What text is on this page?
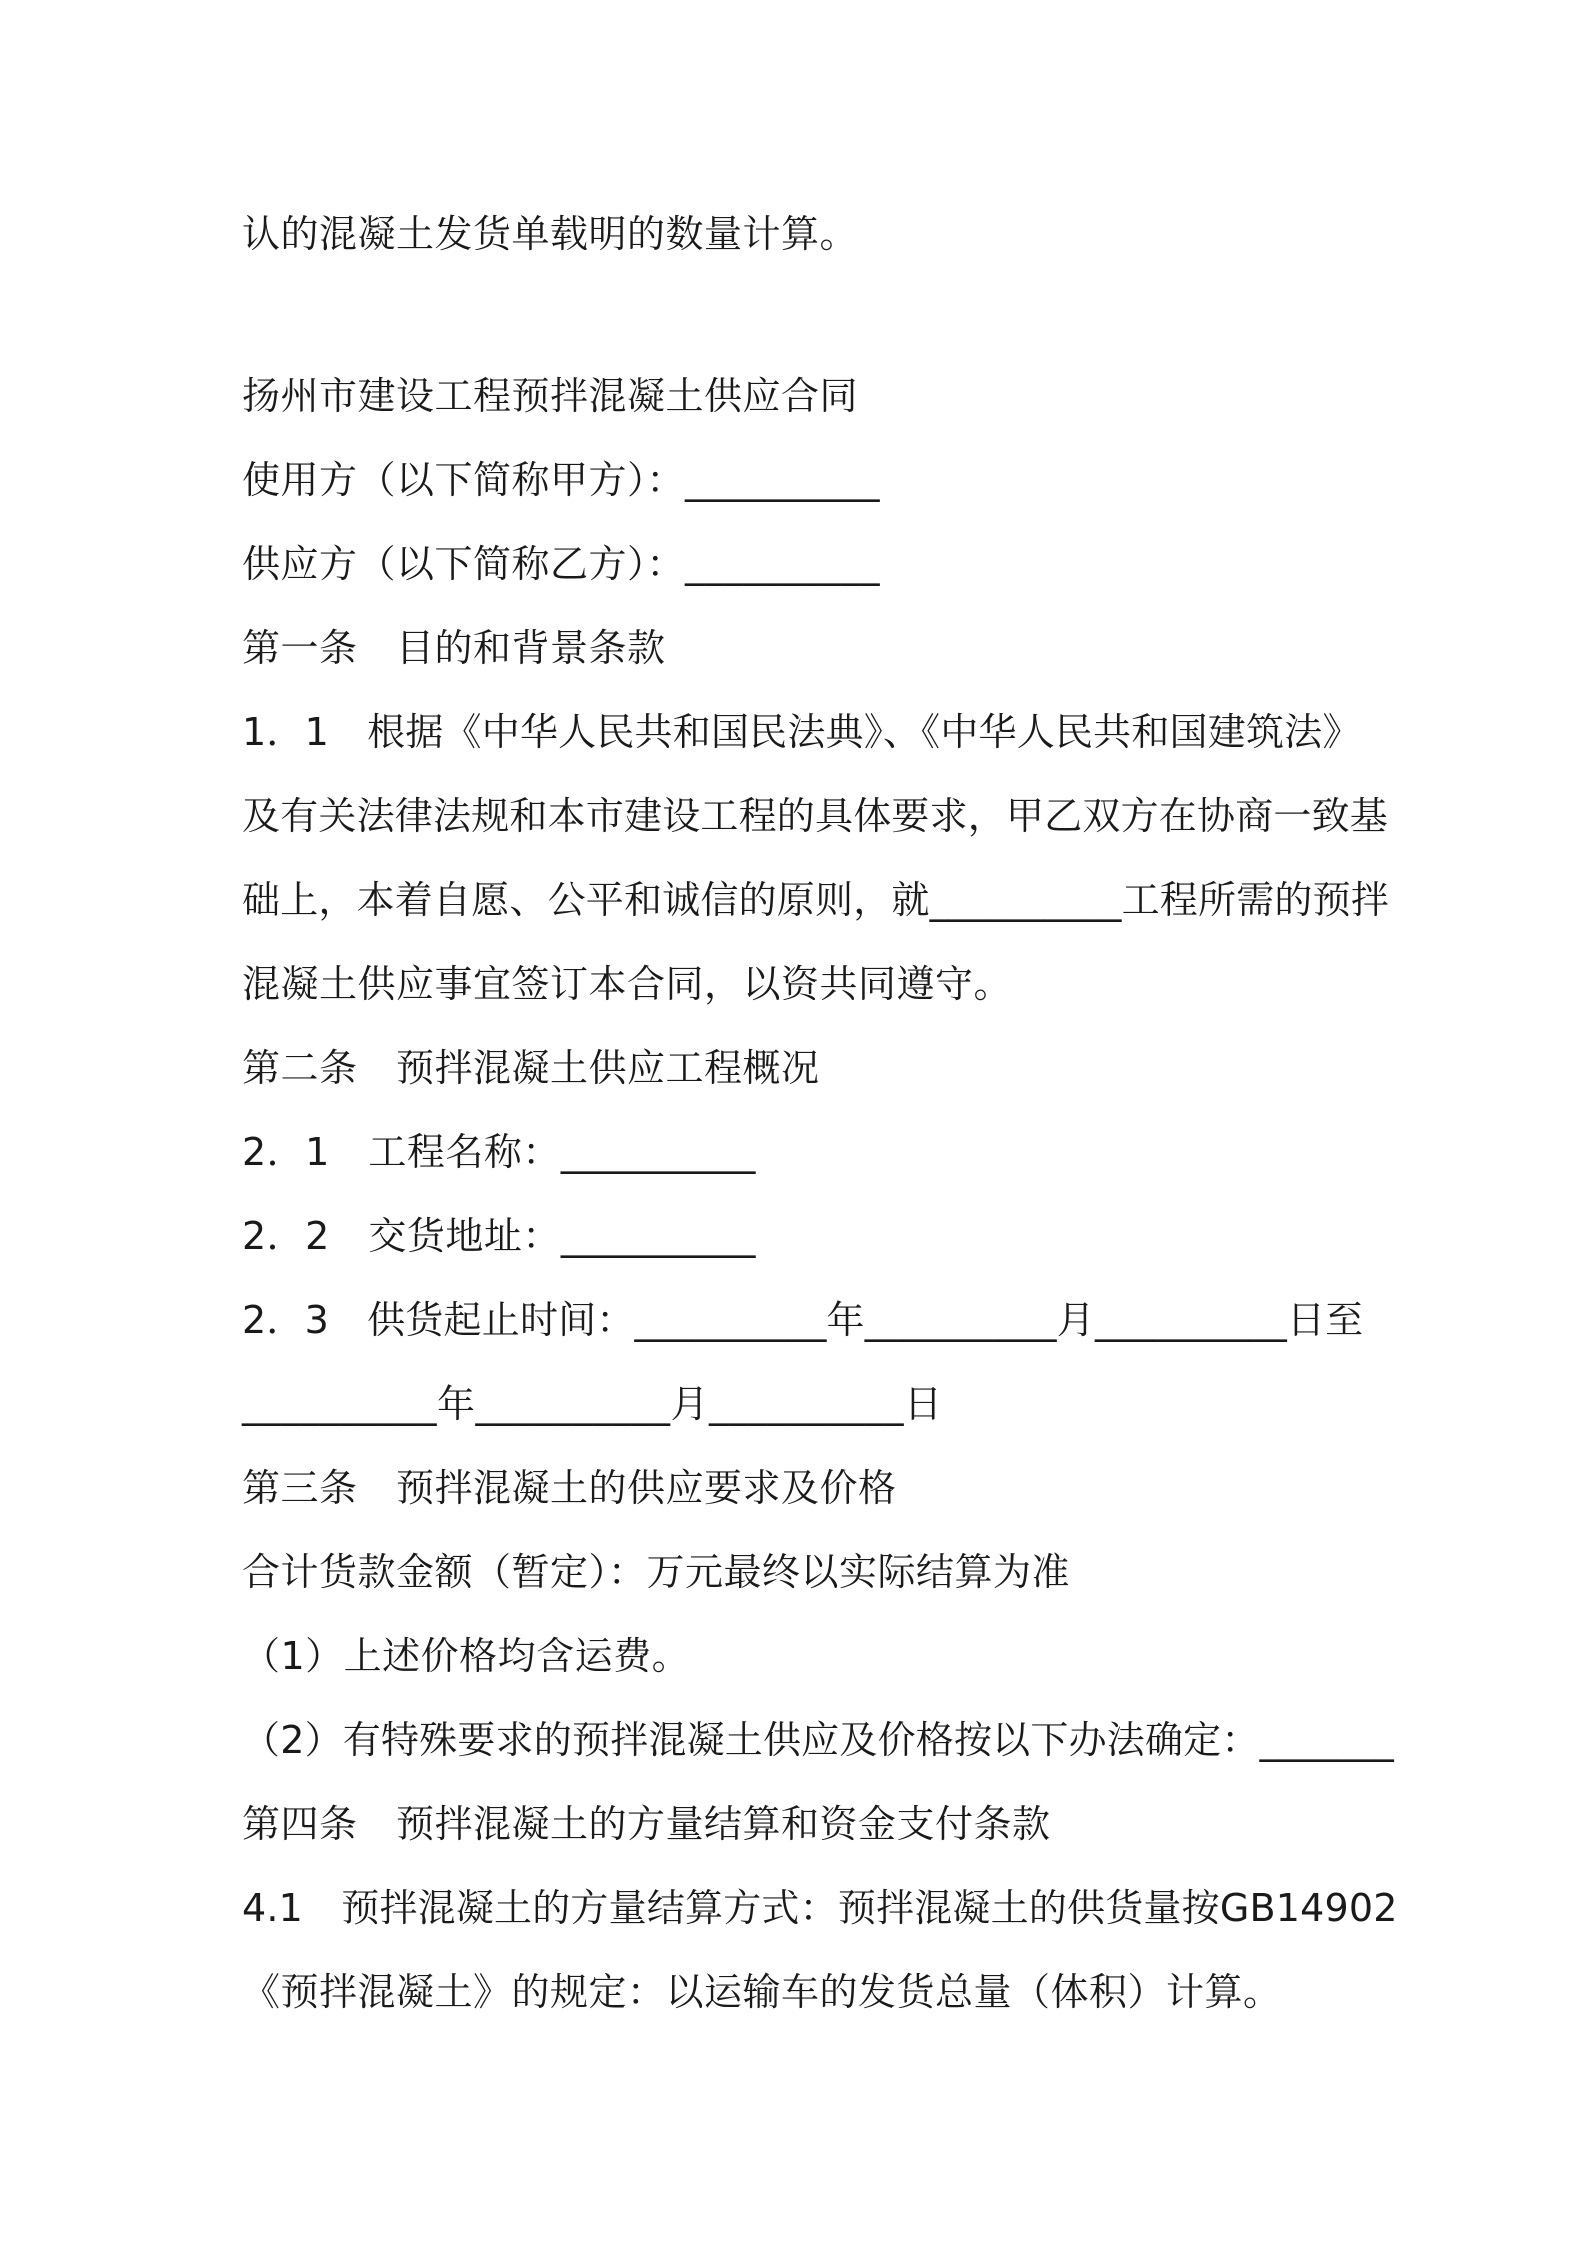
认的混凝土发货单载明的数量计算。
扬州市建设工程预拌混凝土供应合同
使用方（以下简称甲方）：__________
供应方（以下简称乙方）：__________
第一条　目的和背景条款
1．1　根据《中华人民共和国民法典》、《中华人民共和国建筑法》
及有关法律法规和本市建设工程的具体要求，甲乙双方在协商一致基
础上，本着自愿、公平和诚信的原则，就__________工程所需的预拌
混凝土供应事宜签订本合同，以资共同遵守。
第二条　预拌混凝土供应工程概况
2．1　工程名称：__________
2．2　交货地址：__________
2．3　供货起止时间：__________年__________月__________日至
__________年__________月__________日
第三条　预拌混凝土的供应要求及价格
合计货款金额（暂定）：万元最终以实际结算为准
（1）上述价格均含运费。
（2）有特殊要求的预拌混凝土供应及价格按以下办法确定：_______
第四条　预拌混凝土的方量结算和资金支付条款
4.1　预拌混凝土的方量结算方式：预拌混凝土的供货量按GB14902
《预拌混凝土》的规定：以运输车的发货总量（体积）计算。
